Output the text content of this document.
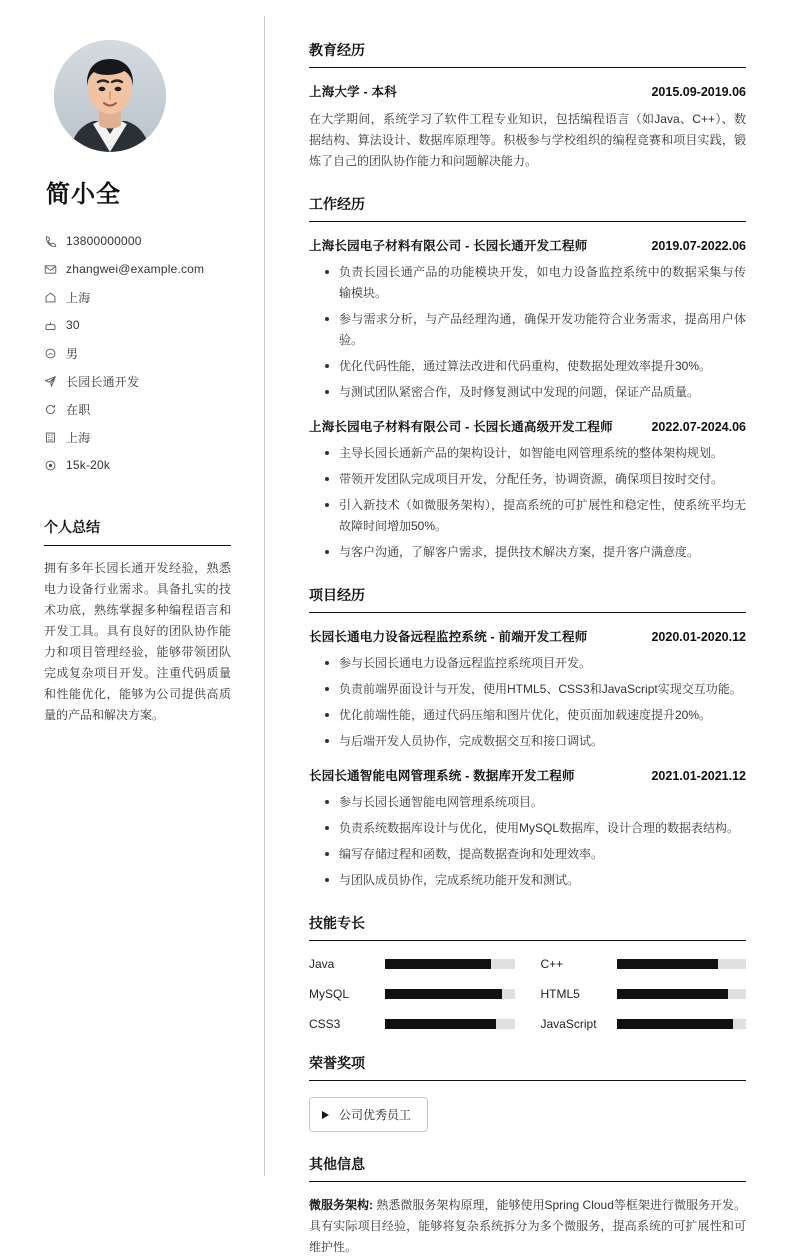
简小全
13800000000
zhangwei@example.com
上海
30
男
长园长通开发
在职
上海
15k-20k
个人总结
拥有多年长园长通开发经验，熟悉电力设备行业需求。具备扎实的技术功底，熟练掌握多种编程语言和开发工具。具有良好的团队协作能力和项目管理经验，能够带领团队完成复杂项目开发。注重代码质量和性能优化，能够为公司提供高质量的产品和解决方案。
教育经历
上海大学 - 本科	2015.09-2019.06
在大学期间，系统学习了软件工程专业知识，包括编程语言（如Java、C++）、数据结构、算法设计、数据库原理等。积极参与学校组织的编程竞赛和项目实践，锻炼了自己的团队协作能力和问题解决能力。
工作经历
上海长园电子材料有限公司 - 长园长通开发工程师	2019.07-2022.06
负责长园长通产品的功能模块开发，如电力设备监控系统中的数据采集与传输模块。
参与需求分析，与产品经理沟通，确保开发功能符合业务需求，提高用户体验。
优化代码性能，通过算法改进和代码重构，使数据处理效率提升30%。
与测试团队紧密合作，及时修复测试中发现的问题，保证产品质量。
上海长园电子材料有限公司 - 长园长通高级开发工程师	2022.07-2024.06
主导长园长通新产品的架构设计，如智能电网管理系统的整体架构规划。
带领开发团队完成项目开发，分配任务，协调资源，确保项目按时交付。
引入新技术（如微服务架构），提高系统的可扩展性和稳定性，使系统平均无故障时间增加50%。
与客户沟通，了解客户需求，提供技术解决方案，提升客户满意度。
项目经历
长园长通电力设备远程监控系统 - 前端开发工程师	2020.01-2020.12
参与长园长通电力设备远程监控系统项目开发。
负责前端界面设计与开发，使用HTML5、CSS3和JavaScript实现交互功能。
优化前端性能，通过代码压缩和图片优化，使页面加载速度提升20%。
与后端开发人员协作，完成数据交互和接口调试。
长园长通智能电网管理系统 - 数据库开发工程师	2021.01-2021.12
参与长园长通智能电网管理系统项目。
负责系统数据库设计与优化，使用MySQL数据库，设计合理的数据表结构。
编写存储过程和函数，提高数据查询和处理效率。
与团队成员协作，完成系统功能开发和测试。
技能专长
Java	C++
MySQL	HTML5
CSS3	JavaScript
荣誉奖项
公司优秀员工
其他信息
微服务架构: 熟悉微服务架构原理，能够使用Spring Cloud等框架进行微服务开发。具有实际项目经验，能够将复杂系统拆分为多个微服务，提高系统的可扩展性和可维护性。
